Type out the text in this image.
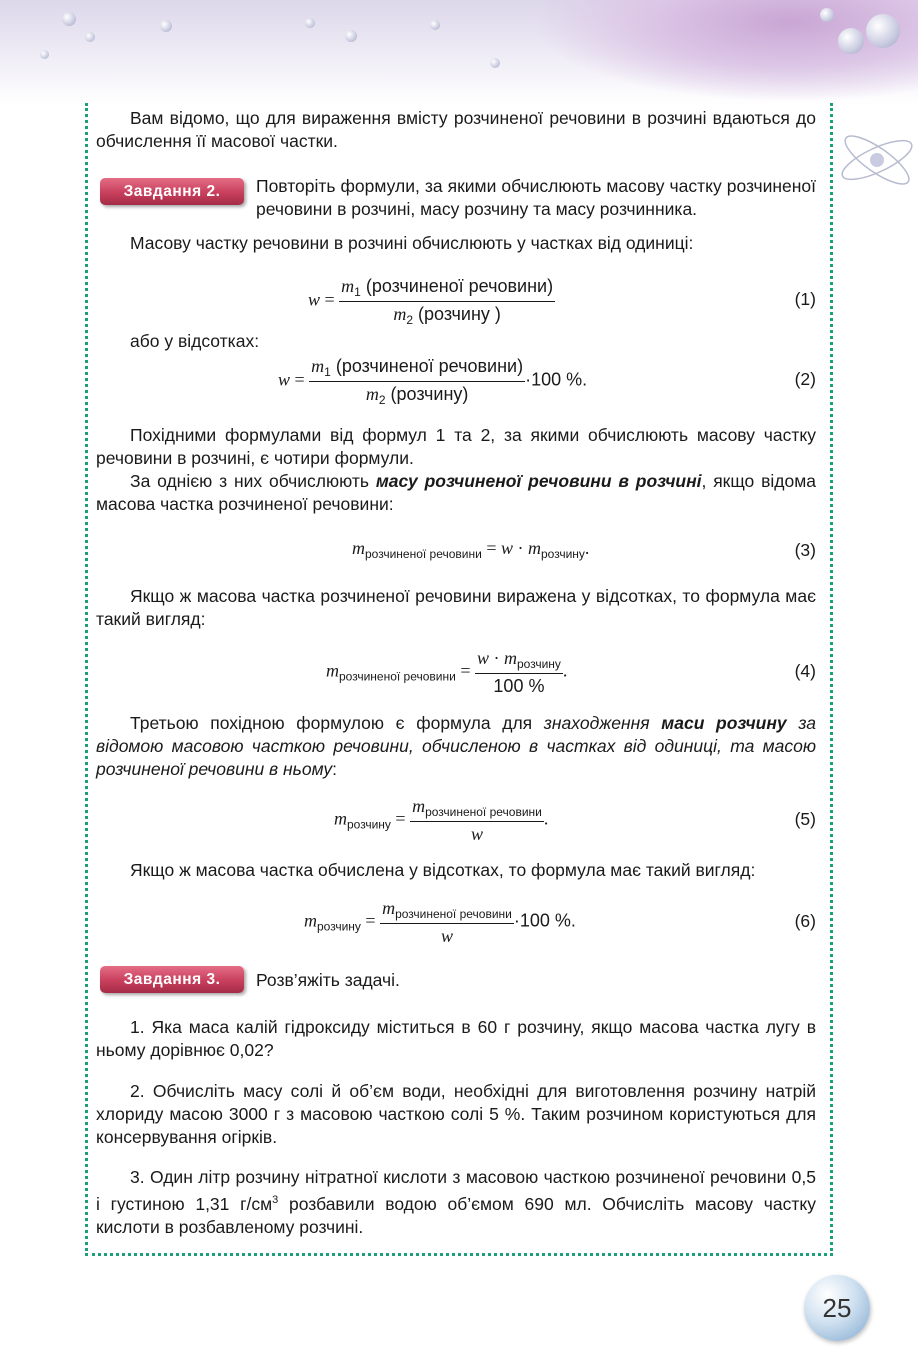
Вам відомо, що для вираження вмісту розчиненої речовини в розчині вдаються до обчислення її масової частки.
Завдання 2.	Повторіть формули, за якими обчислюють масову частку розчиненої речовини в розчині, масу розчину та масу розчинника.
Масову частку речовини в розчині обчислюють у частках від одиниці:
$w = \frac{m_1 (розчиненої речовини)}{m_2 (розчину )}$	(1)
або у відсотках:
$w = \frac{m_1 (розчиненої речовини)}{m_2 (розчину)} \cdot 100$ %.	(2)
Похідними формулами від формул 1 та 2, за якими обчислюють масову частку речовини в розчині, є чотири формули.
За однією з них обчислюють масу розчиненої речовини в розчині, якщо відома масова частка розчиненої речовини:
$m_{розчиненої речовини} = w \cdot m_{розчину}$.	(3)
Якщо ж масова частка розчиненої речовини виражена у відсотках, то формула має такий вигляд:
$m_{розчиненої речовини} = \frac{w \cdot m_{розчину}}{100 \%}$ .	(4)
Третьою похідною формулою є формула для знаходження маси розчину за відомою масовою часткою речовини, обчисленою в частках від одиниці, та масою розчиненої речовини в ньому:
$m_{розчину} = \frac{m_{розчиненої речовини}}{w}$ .	(5)
Якщо ж масова частка обчислена у відсотках, то формула має такий вигляд:
$m_{розчину} = \frac{m_{розчиненої речовини}}{w} \cdot 100$ %.	(6)
Завдання 3.	Розв’яжіть задачі.
1. Яка маса калій гідроксиду міститься в 60 г розчину, якщо масова частка лугу в ньому дорівнює 0,02?
2. Обчисліть масу солі й об’єм води, необхідні для виготовлення розчину натрій хлориду масою 3000 г з масовою часткою солі 5 %. Таким розчином користуються для консервування огірків.
3. Один літр розчину нітратної кислоти з масовою часткою розчиненої речовини 0,5 і густиною 1,31 $г/см^3$ розбавили водою об’ємом 690 мл. Обчисліть масову частку кислоти в розбавленому розчині.
25
